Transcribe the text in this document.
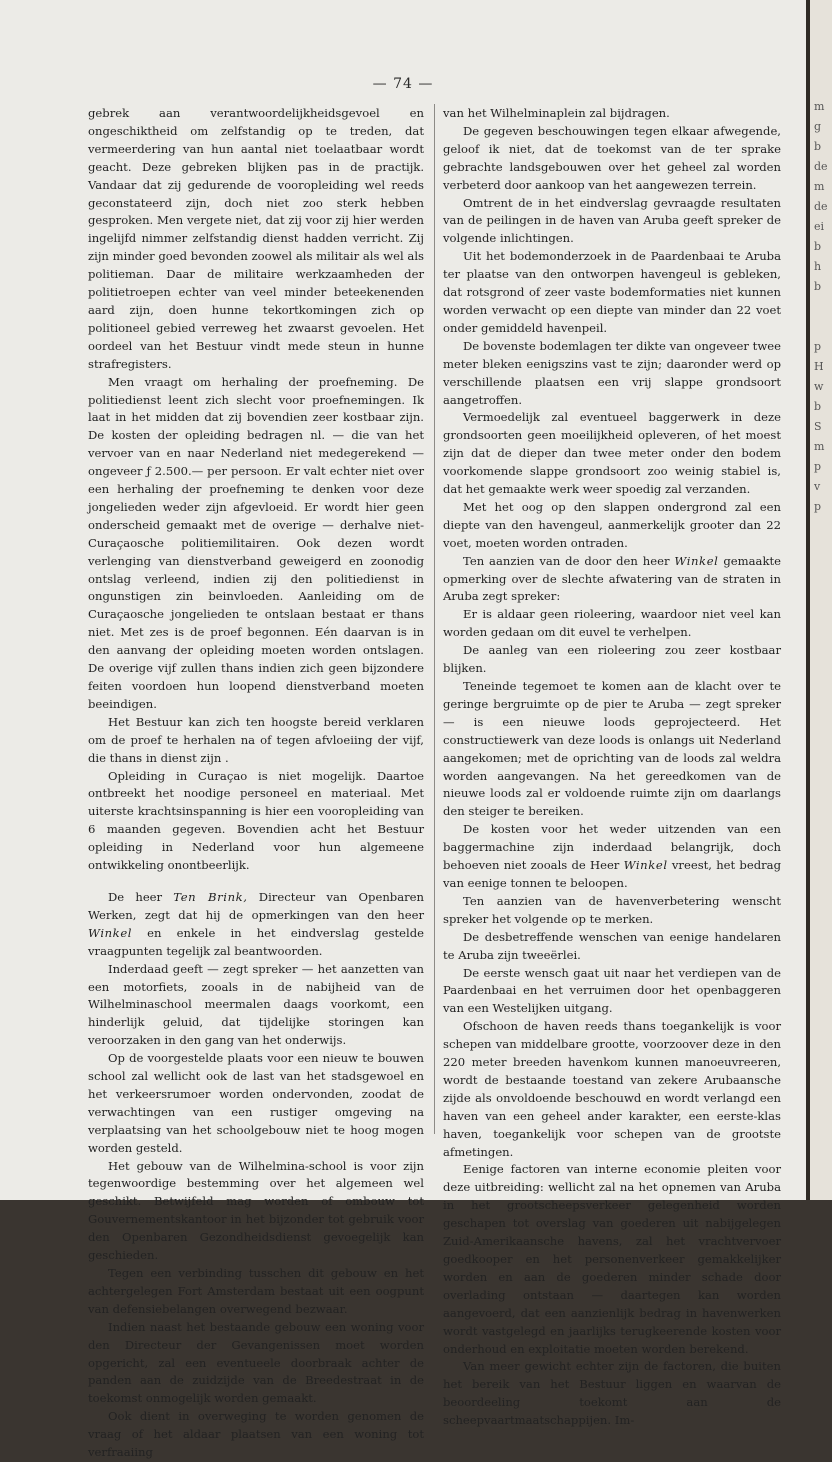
— 74 —

gebrek aan verantwoordelijkheidsgevoel en ongeschiktheid om zelfstandig op te treden, dat vermeerdering van hun aantal niet toelaatbaar wordt geacht. Deze gebreken blijken pas in de practijk. Vandaar dat zij gedurende de vooropleiding wel reeds geconstateerd zijn, doch niet zoo sterk hebben gesproken. Men vergete niet, dat zij voor zij hier werden ingelijfd nimmer zelfstandig dienst hadden verricht. Zij zijn minder goed bevonden zoowel als militair als wel als politieman. Daar de militaire werkzaamheden der politietroepen echter van veel minder beteekenenden aard zijn, doen hunne tekortkomingen zich op politioneel gebied verreweg het zwaarst gevoelen. Het oordeel van het Bestuur vindt mede steun in hunne strafregisters.

Men vraagt om herhaling der proefneming. De politiedienst leent zich slecht voor proefnemingen. Ik laat in het midden dat zij bovendien zeer kostbaar zijn. De kosten der opleiding bedragen nl. — die van het vervoer van en naar Nederland niet medegerekend — ongeveer ƒ 2.500.— per persoon. Er valt echter niet over een herhaling der proefneming te denken voor deze jongelieden weder zijn afgevloeid. Er wordt hier geen onderscheid gemaakt met de overige — derhalve niet-Curaçaosche politiemilitairen. Ook dezen wordt verlenging van dienstverband geweigerd en zoonodig ontslag verleend, indien zij den politiedienst in ongunstigen zin beinvloeden. Aanleiding om de Curaçaosche jongelieden te ontslaan bestaat er thans niet. Met zes is de proef begonnen. Eén daarvan is in den aanvang der opleiding moeten worden ontslagen. De overige vijf zullen thans indien zich geen bijzondere feiten voordoen hun loopend dienstverband moeten beeindigen.

Het Bestuur kan zich ten hoogste bereid verklaren om de proef te herhalen na of tegen afvloeiing der vijf, die thans in dienst zijn .

Opleiding in Curaçao is niet mogelijk. Daartoe ontbreekt het noodige personeel en materiaal. Met uiterste krachtsinspanning is hier een vooropleiding van 6 maanden gegeven. Bovendien acht het Bestuur opleiding in Nederland voor hun algemeene ontwikkeling onontbeerlijk.

De heer Ten Brink, Directeur van Openbaren Werken, zegt dat hij de opmerkingen van den heer Winkel en enkele in het eindverslag gestelde vraagpunten tegelijk zal beantwoorden.

Inderdaad geeft — zegt spreker — het aanzetten van een motorfiets, zooals in de nabijheid van de Wilhelminaschool meermalen daags voorkomt, een hinderlijk geluid, dat tijdelijke storingen kan veroorzaken in den gang van het onderwijs.

Op de voorgestelde plaats voor een nieuw te bouwen school zal wellicht ook de last van het stadsgewoel en het verkeersrumoer worden ondervonden, zoodat de verwachtingen van een rustiger omgeving na verplaatsing van het schoolgebouw niet te hoog mogen worden gesteld.

Het gebouw van de Wilhelmina-school is voor zijn tegenwoordige bestemming over het algemeen wel geschikt. Betwijfeld mag worden of ombouw tot Gouvernementskantoor in het bijzonder tot gebruik voor den Openbaren Gezondheidsdienst gevoegelijk kan geschieden.

Tegen een verbinding tusschen dit gebouw en het achtergelegen Fort Amsterdam bestaat uit een oogpunt van defensiebelangen overwegend bezwaar.

Indien naast het bestaande gebouw een woning voor den Directeur der Gevangenissen moet worden opgericht, zal een eventueele doorbraak achter de panden aan de zuidzijde van de Breedestraat in de toekomst onmogelijk worden gemaakt.

Ook dient in overweging te worden genomen de vraag of het aldaar plaatsen van een woning tot verfraaiing

van het Wilhelminaplein zal bijdragen.

De gegeven beschouwingen tegen elkaar afwegende, geloof ik niet, dat de toekomst van de ter sprake gebrachte landsgebouwen over het geheel zal worden verbeterd door aankoop van het aangewezen terrein.

Omtrent de in het eindverslag gevraagde resultaten van de peilingen in de haven van Aruba geeft spreker de volgende inlichtingen.

Uit het bodemonderzoek in de Paardenbaai te Aruba ter plaatse van den ontworpen havengeul is gebleken, dat rotsgrond of zeer vaste bodemformaties niet kunnen worden verwacht op een diepte van minder dan 22 voet onder gemiddeld havenpeil.

De bovenste bodemlagen ter dikte van ongeveer twee meter bleken eenigszins vast te zijn; daaronder werd op verschillende plaatsen een vrij slappe grondsoort aangetroffen.

Vermoedelijk zal eventueel baggerwerk in deze grondsoorten geen moeilijkheid opleveren, of het moest zijn dat de dieper dan twee meter onder den bodem voorkomende slappe grondsoort zoo weinig stabiel is, dat het gemaakte werk weer spoedig zal verzanden.

Met het oog op den slappen ondergrond zal een diepte van den havengeul, aanmerkelijk grooter dan 22 voet, moeten worden ontraden.

Ten aanzien van de door den heer Winkel gemaakte opmerking over de slechte afwatering van de straten in Aruba zegt spreker:

Er is aldaar geen rioleering, waardoor niet veel kan worden gedaan om dit euvel te verhelpen.

De aanleg van een rioleering zou zeer kostbaar blijken.

Teneinde tegemoet te komen aan de klacht over te geringe bergruimte op de pier te Aruba — zegt spreker — is een nieuwe loods geprojecteerd. Het constructiewerk van deze loods is onlangs uit Nederland aangekomen; met de oprichting van de loods zal weldra worden aangevangen. Na het gereedkomen van de nieuwe loods zal er voldoende ruimte zijn om daarlangs den steiger te bereiken.

De kosten voor het weder uitzenden van een baggermachine zijn inderdaad belangrijk, doch behoeven niet zooals de Heer Winkel vreest, het bedrag van eenige tonnen te beloopen.

Ten aanzien van de havenverbetering wenscht spreker het volgende op te merken.

De desbetreffende wenschen van eenige handelaren te Aruba zijn tweeërlei.

De eerste wensch gaat uit naar het verdiepen van de Paardenbaai en het verruimen door het openbaggeren van een Westelijken uitgang.

Ofschoon de haven reeds thans toegankelijk is voor schepen van middelbare grootte, voorzoover deze in den 220 meter breeden havenkom kunnen manoeuvreeren, wordt de bestaande toestand van zekere Arubaansche zijde als onvoldoende beschouwd en wordt verlangd een haven van een geheel ander karakter, een eerste-klas haven, toegankelijk voor schepen van de grootste afmetingen.

Eenige factoren van interne economie pleiten voor deze uitbreiding: wellicht zal na het opnemen van Aruba in het grootscheepsverkeer gelegenheid worden geschapen tot overslag van goederen uit nabijgelegen Zuid-Amerikaansche havens, zal het vrachtvervoer goedkooper en het personenverkeer gemakkelijker worden en aan de goederen minder schade door overlading ontstaan — daartegen kan worden aangevoerd, dat een aanzienlijk bedrag in havenwerken wordt vastgelegd en jaarlijks terugkeerende kosten voor onderhoud en exploitatie moeten worden berekend.

Van meer gewicht echter zijn de factoren, die buiten het bereik van het Bestuur liggen en waarvan de beoordeeling toekomt aan de scheepvaartmaatschappijen. Im-

m
g
b
de
m
de
ei
b
h
b
p
H
w
b
S
m
p
v
p
